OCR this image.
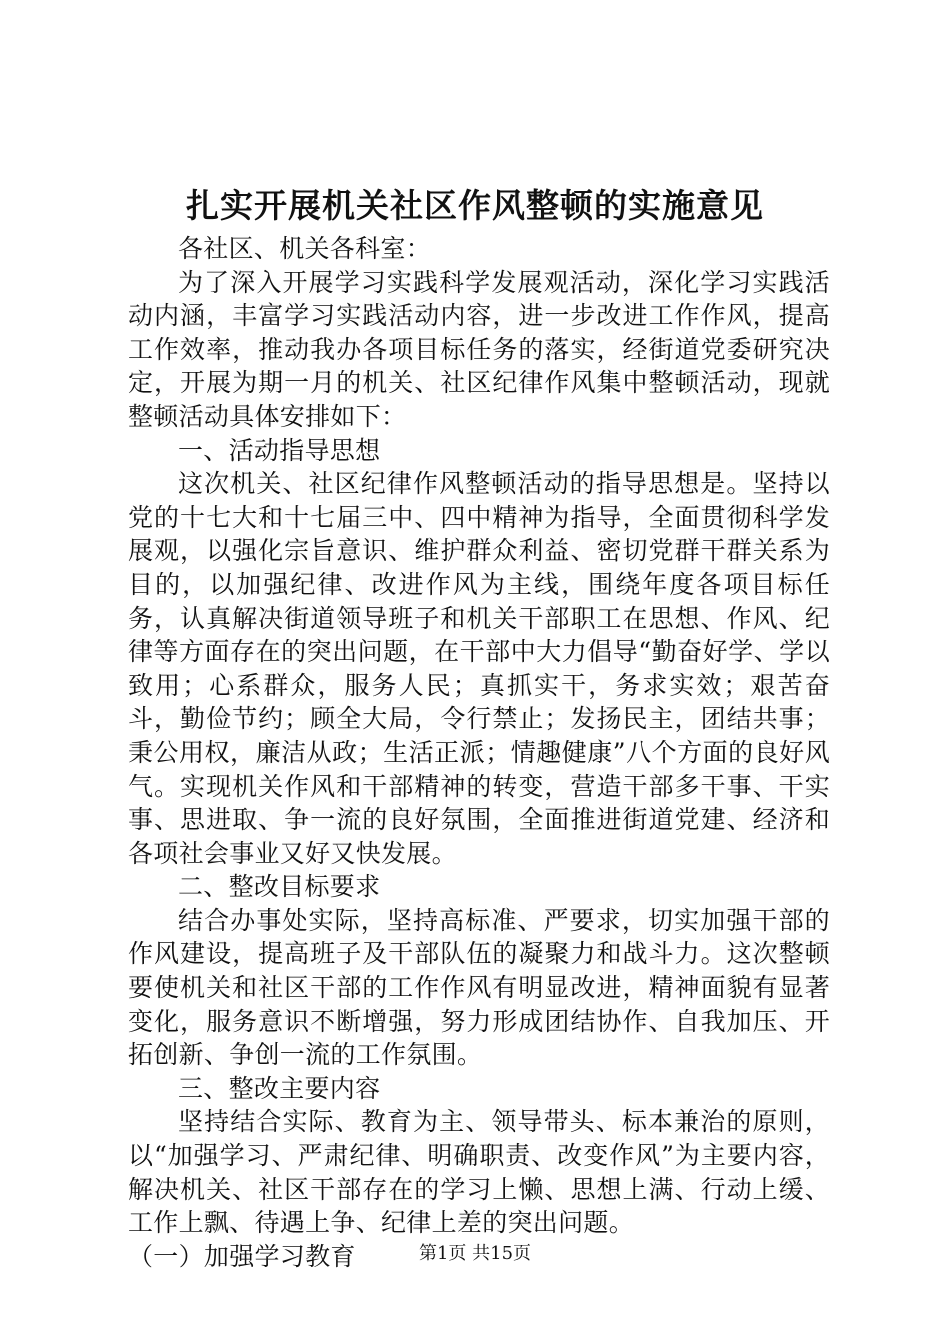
扎实开展机关社区作风整顿的实施意见

各社区、机关各科室：

为了深入开展学习实践科学发展观活动，深化学习实践活动内涵，丰富学习实践活动内容，进一步改进工作作风，提高工作效率，推动我办各项目标任务的落实，经街道党委研究决定，开展为期一月的机关、社区纪律作风集中整顿活动，现就整顿活动具体安排如下：

一、活动指导思想

这次机关、社区纪律作风整顿活动的指导思想是。坚持以党的十七大和十七届三中、四中精神为指导，全面贯彻科学发展观，以强化宗旨意识、维护群众利益、密切党群干群关系为目的，以加强纪律、改进作风为主线，围绕年度各项目标任务，认真解决街道领导班子和机关干部职工在思想、作风、纪律等方面存在的突出问题，在干部中大力倡导“勤奋好学、学以致用；心系群众，服务人民；真抓实干，务求实效；艰苦奋斗，勤俭节约；顾全大局，令行禁止；发扬民主，团结共事；秉公用权，廉洁从政；生活正派；情趣健康”八个方面的良好风气。实现机关作风和干部精神的转变，营造干部多干事、干实事、思进取、争一流的良好氛围，全面推进街道党建、经济和各项社会事业又好又快发展。

二、整改目标要求

结合办事处实际，坚持高标准、严要求，切实加强干部的作风建设，提高班子及干部队伍的凝聚力和战斗力。这次整顿要使机关和社区干部的工作作风有明显改进，精神面貌有显著变化，服务意识不断增强，努力形成团结协作、自我加压、开拓创新、争创一流的工作氛围。

三、整改主要内容

坚持结合实际、教育为主、领导带头、标本兼治的原则，以“加强学习、严肃纪律、明确职责、改变作风”为主要内容，解决机关、社区干部存在的学习上懒、思想上满、行动上缓、工作上飘、待遇上争、纪律上差的突出问题。

（一）加强学习教育	第1页 共15页
